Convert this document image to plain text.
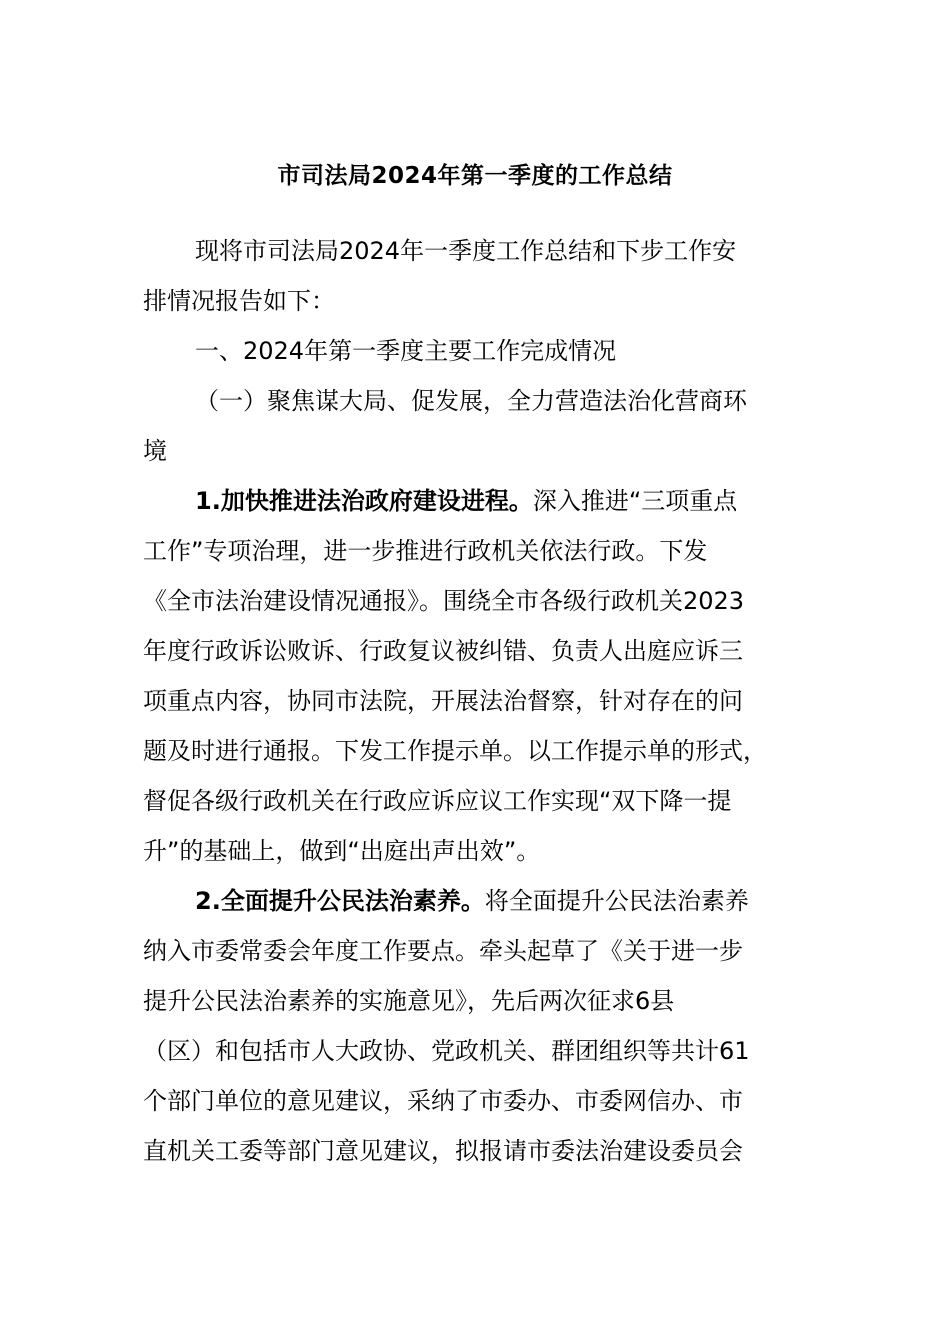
市司法局2024年第一季度的工作总结
现将市司法局2024年一季度工作总结和下步工作安
排情况报告如下：
一、2024年第一季度主要工作完成情况
（一）聚焦谋大局、促发展，全力营造法治化营商环
境
1.加快推进法治政府建设进程。深入推进“三项重点
工作”专项治理，进一步推进行政机关依法行政。下发
《全市法治建设情况通报》。围绕全市各级行政机关2023
年度行政诉讼败诉、行政复议被纠错、负责人出庭应诉三
项重点内容，协同市法院，开展法治督察，针对存在的问
题及时进行通报。下发工作提示单。以工作提示单的形式，
督促各级行政机关在行政应诉应议工作实现“双下降一提
升”的基础上，做到“出庭出声出效”。
2.全面提升公民法治素养。将全面提升公民法治素养
纳入市委常委会年度工作要点。牵头起草了《关于进一步
提升公民法治素养的实施意见》，先后两次征求6县
（区）和包括市人大政协、党政机关、群团组织等共计61
个部门单位的意见建议，采纳了市委办、市委网信办、市
直机关工委等部门意见建议，拟报请市委法治建设委员会
